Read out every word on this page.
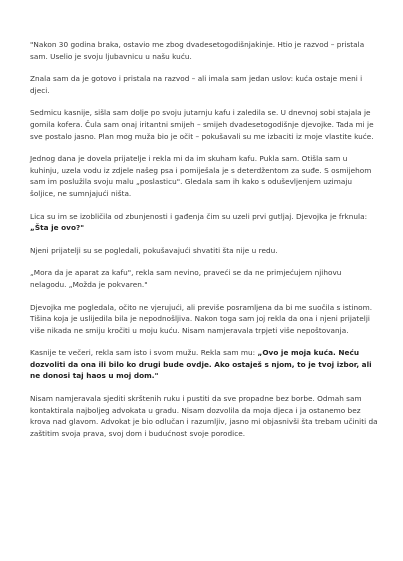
"Nakon 30 godina braka, ostavio me zbog dvadesetogodišnjakinje. Htio je razvod – pristala sam. Uselio je svoju ljubavnicu u našu kuću.

Znala sam da je gotovo i pristala na razvod – ali imala sam jedan uslov: kuća ostaje meni i djeci.

Sedmicu kasnije, sišla sam dolje po svoju jutarnju kafu i zaledila se. U dnevnoj sobi stajala je gomila kofera. Čula sam onaj iritantni smijeh – smijeh dvadesetogodišnje djevojke. Tada mi je sve postalo jasno. Plan mog muža bio je očit – pokušavali su me izbaciti iz moje vlastite kuće.

Jednog dana je dovela prijatelje i rekla mi da im skuham kafu. Pukla sam. Otišla sam u kuhinju, uzela vodu iz zdjele našeg psa i pomiješala je s deterdžentom za suđe. S osmijehom sam im poslužila svoju malu „poslasticu". Gledala sam ih kako s oduševljenjem uzimaju šoljice, ne sumnjajući ništa.

Lica su im se izobličila od zbunjenosti i gađenja čim su uzeli prvi gutljaj. Djevojka je frknula: „Šta je ovo?"

Njeni prijatelji su se pogledali, pokušavajući shvatiti šta nije u redu.

„Mora da je aparat za kafu", rekla sam nevino, praveći se da ne primjećujem njihovu nelagodu. „Možda je pokvaren."

Djevojka me pogledala, očito ne vjerujući, ali previše posramljena da bi me suočila s istinom. Tišina koja je uslijedila bila je nepodnošljiva. Nakon toga sam joj rekla da ona i njeni prijatelji više nikada ne smiju kročiti u moju kuću. Nisam namjeravala trpjeti više nepoštovanja.

Kasnije te večeri, rekla sam isto i svom mužu. Rekla sam mu: „Ovo je moja kuća. Neću dozvoliti da ona ili bilo ko drugi bude ovdje. Ako ostaješ s njom, to je tvoj izbor, ali ne donosi taj haos u moj dom."

Nisam namjeravala sjediti skrštenih ruku i pustiti da sve propadne bez borbe. Odmah sam kontaktirala najboljeg advokata u gradu. Nisam dozvolila da moja djeca i ja ostanemo bez krova nad glavom. Advokat je bio odlučan i razumljiv, jasno mi objasnivši šta trebam učiniti da zaštitim svoja prava, svoj dom i budućnost svoje porodice.
